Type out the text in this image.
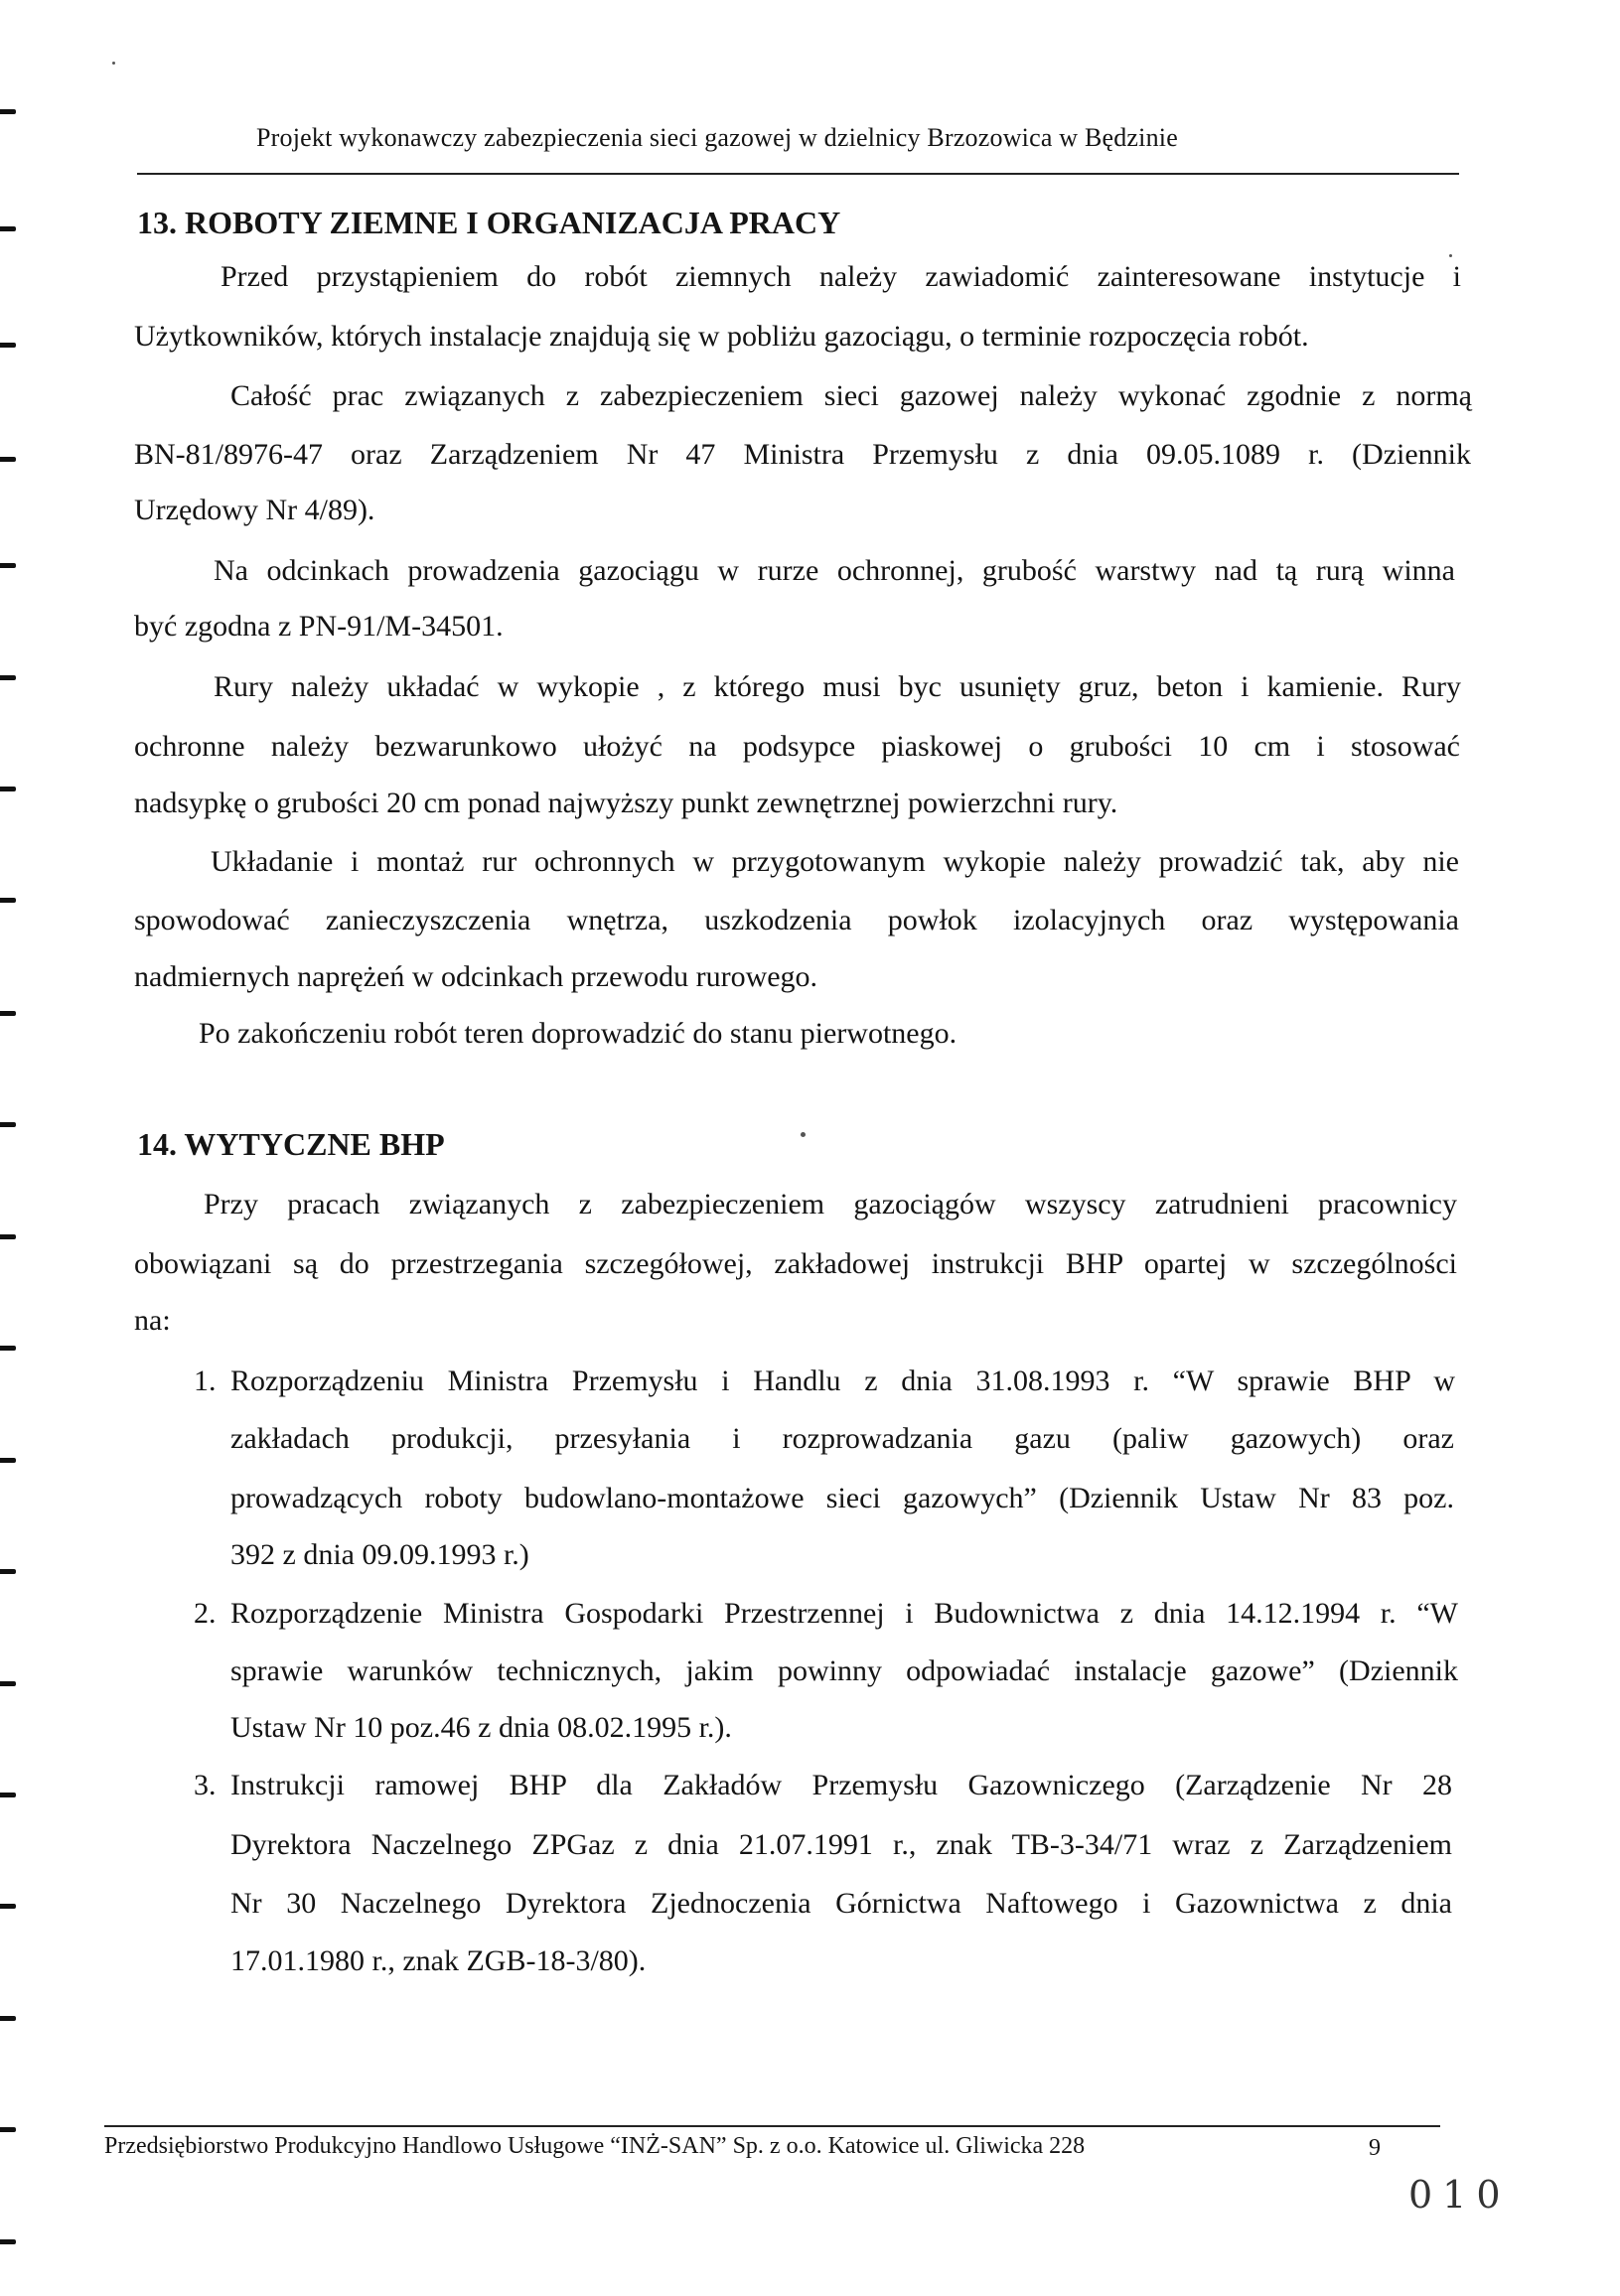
Projekt wykonawczy zabezpieczenia sieci gazowej w dzielnicy Brzozowica w Będzinie
13. ROBOTY ZIEMNE I ORGANIZACJA PRACY
Przed przystąpieniem do robót ziemnych należy zawiadomić zainteresowane instytucje i
Użytkowników, których instalacje znajdują się w pobliżu gazociągu, o terminie rozpoczęcia robót.
Całość prac związanych z zabezpieczeniem sieci gazowej należy wykonać zgodnie z normą
BN-81/8976-47 oraz Zarządzeniem Nr 47 Ministra Przemysłu z dnia 09.05.1089 r. (Dziennik
Urzędowy Nr 4/89).
Na odcinkach prowadzenia gazociągu w rurze ochronnej, grubość warstwy nad tą rurą winna
być zgodna z PN-91/M-34501.
Rury należy układać w wykopie , z którego musi byc usunięty gruz, beton i kamienie. Rury
ochronne należy bezwarunkowo ułożyć na podsypce piaskowej o grubości 10 cm i stosować
nadsypkę o grubości 20 cm ponad najwyższy punkt zewnętrznej powierzchni rury.
Układanie i montaż rur ochronnych w przygotowanym wykopie należy prowadzić tak, aby nie
spowodować zanieczyszczenia wnętrza, uszkodzenia powłok izolacyjnych oraz występowania
nadmiernych naprężeń w odcinkach przewodu rurowego.
Po zakończeniu robót teren doprowadzić do stanu pierwotnego.
14. WYTYCZNE BHP
Przy pracach związanych z zabezpieczeniem gazociągów wszyscy zatrudnieni pracownicy
obowiązani są do przestrzegania szczegółowej, zakładowej instrukcji BHP opartej w szczególności
na:
1. Rozporządzeniu Ministra Przemysłu i Handlu z dnia 31.08.1993 r. “W sprawie BHP w
zakładach produkcji, przesyłania i rozprowadzania gazu (paliw gazowych) oraz
prowadzących roboty budowlano-montażowe sieci gazowych” (Dziennik Ustaw Nr 83 poz.
392 z dnia 09.09.1993 r.)
2. Rozporządzenie Ministra Gospodarki Przestrzennej i Budownictwa z dnia 14.12.1994 r. “W
sprawie warunków technicznych, jakim powinny odpowiadać instalacje gazowe” (Dziennik
Ustaw Nr 10 poz.46 z dnia 08.02.1995 r.).
3. Instrukcji ramowej BHP dla Zakładów Przemysłu Gazowniczego (Zarządzenie Nr 28
Dyrektora Naczelnego ZPGaz z dnia 21.07.1991 r., znak TB-3-34/71 wraz z Zarządzeniem
Nr 30 Naczelnego Dyrektora Zjednoczenia Górnictwa Naftowego i Gazownictwa z dnia
17.01.1980 r., znak ZGB-18-3/80).
Przedsiębiorstwo Produkcyjno Handlowo Usługowe “INŻ-SAN” Sp. z o.o. Katowice ul. Gliwicka 228	9
010
